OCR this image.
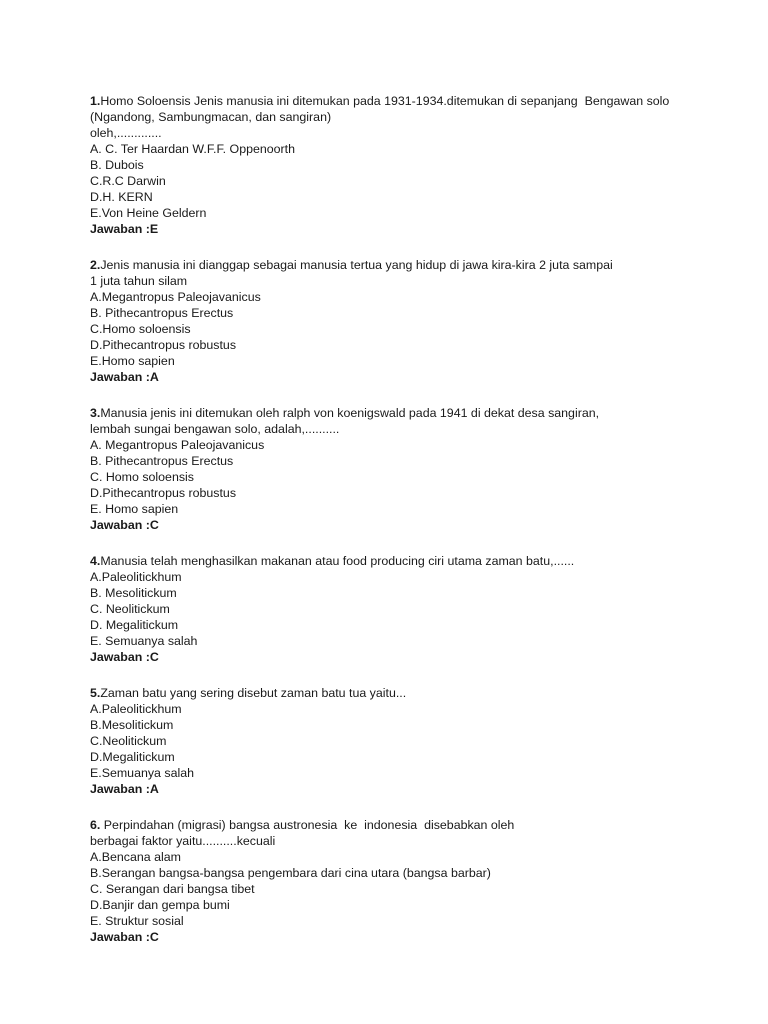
1.Homo Soloensis Jenis manusia ini ditemukan pada 1931-1934.ditemukan di sepanjang  Bengawan solo
(Ngandong, Sambungmacan, dan sangiran)
oleh,.............
A. C. Ter Haardan W.F.F. Oppenoorth
B. Dubois
C.R.C Darwin
D.H. KERN
E.Von Heine Geldern
Jawaban :E
2.Jenis manusia ini dianggap sebagai manusia tertua yang hidup di jawa kira-kira 2 juta sampai
1 juta tahun silam
A.Megantropus Paleojavanicus
B. Pithecantropus Erectus
C.Homo soloensis
D.Pithecantropus robustus
E.Homo sapien
Jawaban :A
3.Manusia jenis ini ditemukan oleh ralph von koenigswald pada 1941 di dekat desa sangiran,
lembah sungai bengawan solo, adalah,..........
A. Megantropus Paleojavanicus
B. Pithecantropus Erectus
C. Homo soloensis
D.Pithecantropus robustus
E. Homo sapien
Jawaban :C
4.Manusia telah menghasilkan makanan atau food producing ciri utama zaman batu,......
A.Paleolitickhum
B. Mesolitickum
C. Neolitickum
D. Megalitickum
E. Semuanya salah
Jawaban :C
5.Zaman batu yang sering disebut zaman batu tua yaitu...
A.Paleolitickhum
B.Mesolitickum
C.Neolitickum
D.Megalitickum
E.Semuanya salah
Jawaban :A
6. Perpindahan (migrasi) bangsa austronesia  ke  indonesia  disebabkan oleh
berbagai faktor yaitu..........kecuali
A.Bencana alam
B.Serangan bangsa-bangsa pengembara dari cina utara (bangsa barbar)
C. Serangan dari bangsa tibet
D.Banjir dan gempa bumi
E. Struktur sosial
Jawaban :C
